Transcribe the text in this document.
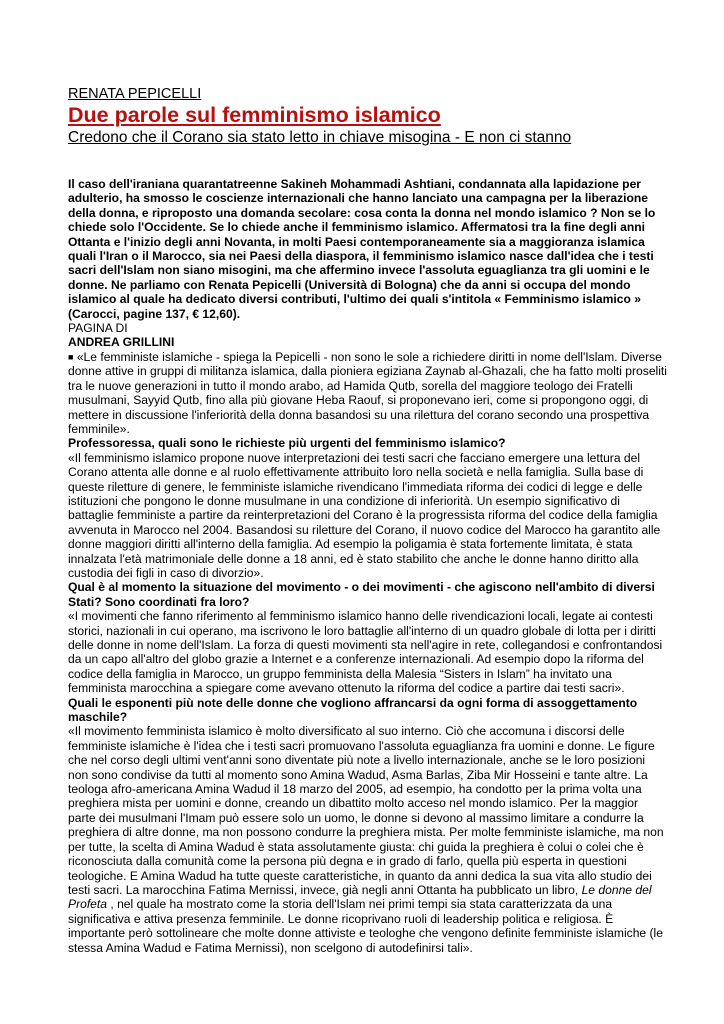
RENATA PEPICELLI

Due parole sul femminismo islamico

Credono che il Corano sia stato letto in chiave misogina - E non ci stanno

Il caso dell'iraniana quarantatreenne Sakineh Mohammadi Ashtiani, condannata alla lapidazione per adulterio, ha smosso le coscienze internazionali che hanno lanciato una campagna per la liberazione della donna, e riproposto una domanda secolare: cosa conta la donna nel mondo islamico ? Non se lo chiede solo l'Occidente. Se lo chiede anche il femminismo islamico. Affermatosi tra la fine degli anni Ottanta e l'inizio degli anni Novanta, in molti Paesi contemporaneamente sia a maggioranza islamica quali l'Iran o il Marocco, sia nei Paesi della diaspora, il femminismo islamico nasce dall'idea che i testi sacri dell'Islam non siano misogini, ma che affermino invece l'assoluta eguaglianza tra gli uomini e le donne. Ne parliamo con Renata Pepicelli (Università di Bologna) che da anni si occupa del mondo islamico al quale ha dedicato diversi contributi, l'ultimo dei quali s'intitola « Femminismo islamico » (Carocci, pagine 137, € 12,60).

PAGINA DI

ANDREA GRILLINI

■ «Le femministe islamiche - spiega la Pepicelli - non sono le sole a richiedere diritti in nome dell'Islam. Diverse donne attive in gruppi di militanza islamica, dalla pioniera egiziana Zaynab al-Ghazali, che ha fatto molti proseliti tra le nuove generazioni in tutto il mondo arabo, ad Hamida Qutb, sorella del maggiore teologo dei Fratelli musulmani, Sayyid Qutb, fino alla più giovane Heba Raouf, si proponevano ieri, come si propongono oggi, di mettere in discussione l'inferiorità della donna basandosi su una rilettura del corano secondo una prospettiva femminile».

Professoressa, quali sono le richieste più urgenti del femminismo islamico?

«Il femminismo islamico propone nuove interpretazioni dei testi sacri che facciano emergere una lettura del Corano attenta alle donne e al ruolo effettivamente attribuito loro nella società e nella famiglia. Sulla base di queste riletture di genere, le femministe islamiche rivendicano l'immediata riforma dei codici di legge e delle istituzioni che pongono le donne musulmane in una condizione di inferiorità. Un esempio significativo di battaglie femministe a partire da reinterpretazioni del Corano è la progressista riforma del codice della famiglia avvenuta in Marocco nel 2004. Basandosi su riletture del Corano, il nuovo codice del Marocco ha garantito alle donne maggiori diritti all'interno della famiglia. Ad esempio la poligamia è stata fortemente limitata, è stata innalzata l'età matrimoniale delle donne a 18 anni, ed è stato stabilito che anche le donne hanno diritto alla custodia dei figli in caso di divorzio».

Qual è al momento la situazione del movimento - o dei movimenti - che agiscono nell'ambito di diversi Stati? Sono coordinati fra loro?

«I movimenti che fanno riferimento al femminismo islamico hanno delle rivendicazioni locali, legate ai contesti storici, nazionali in cui operano, ma iscrivono le loro battaglie all'interno di un quadro globale di lotta per i diritti delle donne in nome dell'Islam. La forza di questi movimenti sta nell'agire in rete, collegandosi e confrontandosi da un capo all'altro del globo grazie a Internet e a conferenze internazionali. Ad esempio dopo la riforma del codice della famiglia in Marocco, un gruppo femminista della Malesia “Sisters in Islam” ha invitato una femminista marocchina a spiegare come avevano ottenuto la riforma del codice a partire dai testi sacri».

Quali le esponenti più note delle donne che vogliono affrancarsi da ogni forma di assoggettamento maschile?

«Il movimento femminista islamico è molto diversificato al suo interno. Ciò che accomuna i discorsi delle femministe islamiche è l'idea che i testi sacri promuovano l'assoluta eguaglianza fra uomini e donne. Le figure che nel corso degli ultimi vent'anni sono diventate più note a livello internazionale, anche se le loro posizioni non sono condivise da tutti al momento sono Amina Wadud, Asma Barlas, Ziba Mir Hosseini e tante altre. La teologa afro-americana Amina Wadud il 18 marzo del 2005, ad esempio, ha condotto per la prima volta una preghiera mista per uomini e donne, creando un dibattito molto acceso nel mondo islamico. Per la maggior parte dei musulmani l'Imam può essere solo un uomo, le donne si devono al massimo limitare a condurre la preghiera di altre donne, ma non possono condurre la preghiera mista. Per molte femministe islamiche, ma non per tutte, la scelta di Amina Wadud è stata assolutamente giusta: chi guida la preghiera è colui o colei che è riconosciuta dalla comunità come la persona più degna e in grado di farlo, quella più esperta in questioni teologiche. E Amina Wadud ha tutte queste caratteristiche, in quanto da anni dedica la sua vita allo studio dei testi sacri. La marocchina Fatima Mernissi, invece, già negli anni Ottanta ha pubblicato un libro, Le donne del Profeta , nel quale ha mostrato come la storia dell'Islam nei primi tempi sia stata caratterizzata da una significativa e attiva presenza femminile. Le donne ricoprivano ruoli di leadership politica e religiosa. È importante però sottolineare che molte donne attiviste e teologhe che vengono definite femministe islamiche (le stessa Amina Wadud e Fatima Mernissi), non scelgono di autodefinirsi tali».
